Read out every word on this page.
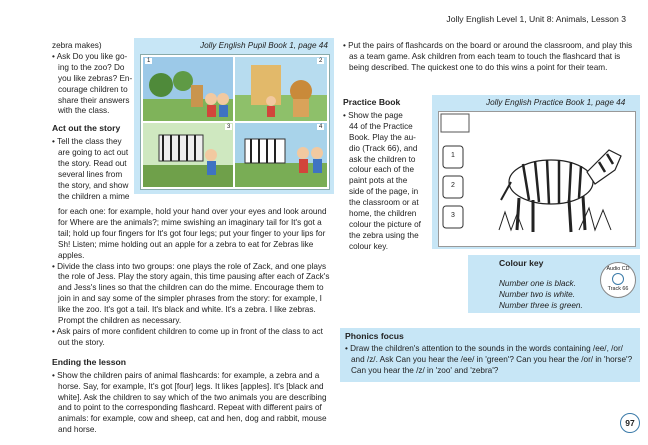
Jolly English Level 1, Unit 8: Animals, Lesson 3
Jolly English Pupil Book 1, page 44
1	2
3	4

zebra makes)

• Ask Do you like go-

ing to the zoo? Do

you like zebras? En-

courage children to

share their answers

with the class.

Act out the story

• Tell the class they

are going to act out

the story. Read out

several lines from

the story, and show

the children a mime

for each one: for example, hold your hand over your eyes and look around for Where are the animals?; mime swishing an imaginary tail for It's got a tail; hold up four fingers for It's got four legs; put your finger to your lips for Sh! Listen; mime holding out an apple for a zebra to eat for Zebras like apples.

• Divide the class into two groups: one plays the role of Zack, and one plays the role of Jess. Play the story again, this time pausing after each of Zack's and Jess's lines so that the children can do the mime. Encourage them to join in and say some of the simpler phrases from the story: for example, I like the zoo. It's got a tail. It's black and white. It's a zebra. I like zebras. Prompt the children as necessary.

• Ask pairs of more confident children to come up in front of the class to act out the story.

Ending the lesson

• Show the children pairs of animal flashcards: for example, a zebra and a horse. Say, for example, It's got [four] legs. It likes [apples]. It's [black and white]. Ask the children to say which of the two animals you are describing and to point to the corresponding flashcard. Repeat with different pairs of animals: for example, cow and sheep, cat and hen, dog and rabbit, mouse and horse.

• Put the pairs of flashcards on the board or around the classroom, and play this as a team game. Ask children from each team to touch the flashcard that is being described. The quickest one to do this wins a point for their team.

Jolly English Practice Book 1, page 44
1
2
3
Practice Book

• Show the page

44 of the Practice

Book. Play the au-

dio (Track 66), and

ask the children to

colour each of the

paint pots at the

side of the page, in

the classroom or at

home, the children

colour the picture of

the zebra using the

colour key.

Colour key

Number one is black.

Number two is white.

Number three is green.

Audio CD
Track 66
Phonics focus

• Draw the children's attention to the sounds in the words containing /ee/, /or/ and /z/. Ask Can you hear the /ee/ in 'green'? Can you hear the /or/ in 'horse'? Can you hear the /z/ in 'zoo' and 'zebra'?

97
